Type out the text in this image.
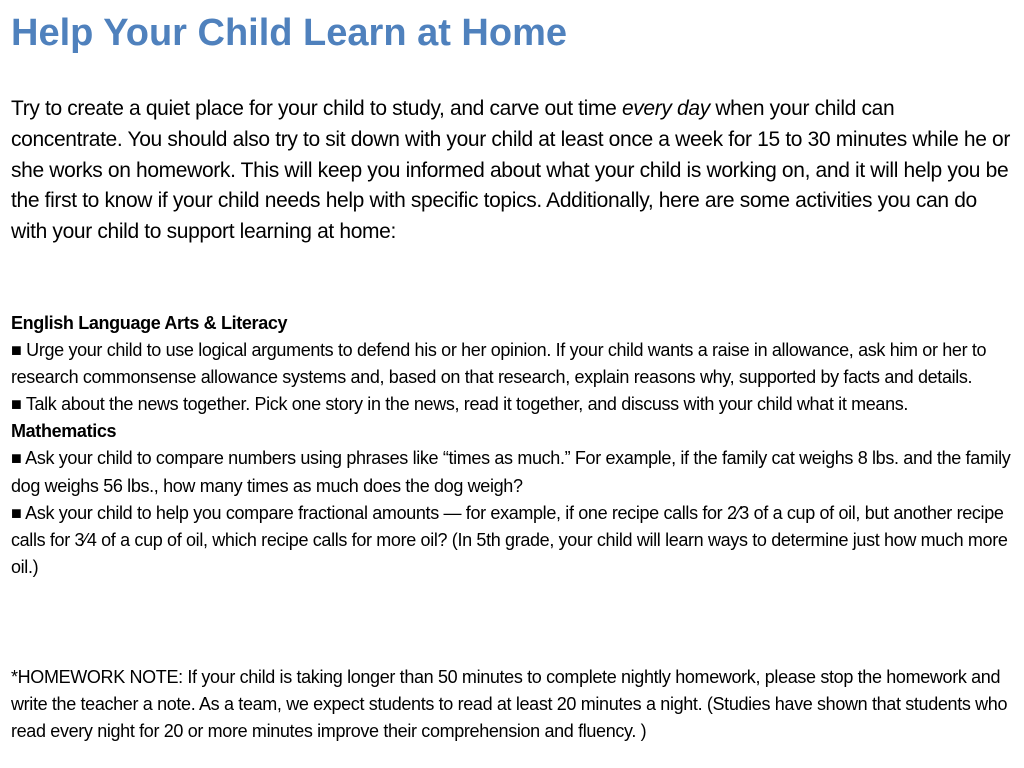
Help Your Child Learn at Home

Try to create a quiet place for your child to study, and carve out time every day when your child can concentrate. You should also try to sit down with your child at least once a week for 15 to 30 minutes while he or she works on homework. This will keep you informed about what your child is working on, and it will help you be the first to know if your child needs help with specific topics. Additionally, here are some activities you can do with your child to support learning at home:

English Language Arts & Literacy
■ Urge your child to use logical arguments to defend his or her opinion. If your child wants a raise in allowance, ask him or her to research commonsense allowance systems and, based on that research, explain reasons why, supported by facts and details.
■ Talk about the news together. Pick one story in the news, read it together, and discuss with your child what it means.
Mathematics
■ Ask your child to compare numbers using phrases like “times as much.” For example, if the family cat weighs 8 lbs. and the family dog weighs 56 lbs., how many times as much does the dog weigh?
■ Ask your child to help you compare fractional amounts — for example, if one recipe calls for 2⁄3 of a cup of oil, but another recipe calls for 3⁄4 of a cup of oil, which recipe calls for more oil? (In 5th grade, your child will learn ways to determine just how much more oil.)

*HOMEWORK NOTE: If your child is taking longer than 50 minutes to complete nightly homework, please stop the homework and write the teacher a note. As a team, we expect students to read at least 20 minutes a night. (Studies have shown that students who read every night for 20 or more minutes improve their comprehension and fluency. )
